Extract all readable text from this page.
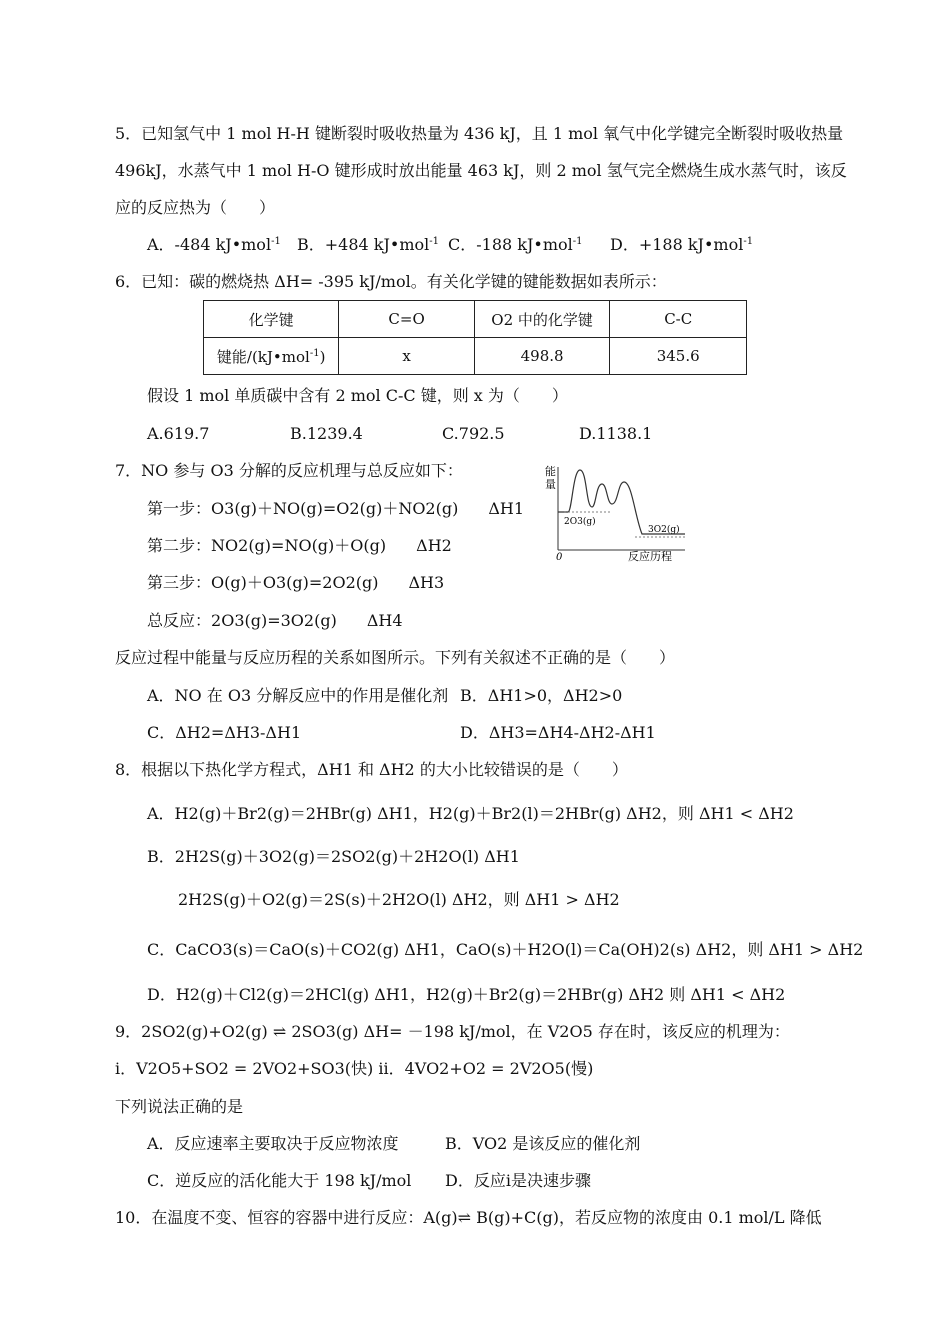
5．已知氢气中 1 mol H-H 键断裂时吸收热量为 436 kJ，且 1 mol 氧气中化学键完全断裂时吸收热量
496kJ，水蒸气中 1 mol H-O 键形成时放出能量 463 kJ，则 2 mol 氢气完全燃烧生成水蒸气时，该反
应的反应热为（　　）
A．-484 kJ•mol$^{-1}$ B．+484 kJ•mol$^{-1}$ C．-188 kJ•mol$^{-1}$ D．+188 kJ•mol$^{-1}$
6．已知：碳的燃烧热 ΔH= -395 kJ/mol。有关化学键的键能数据如表所示：
化学键	C=O	O2 中的化学键	C-C
键能/(kJ•mol$^{-1}$)	x	498.8	345.6
假设 1 mol 单质碳中含有 2 mol C-C 键，则 x 为（　　）
A.619.7	B.1239.4	C.792.5	D.1138.1
7．NO 参与 O3 分解的反应机理与总反应如下：
第一步：O3(g)＋NO(g)=O2(g)＋NO2(g) ΔH1
第二步：NO2(g)=NO(g)＋O(g) ΔH2
第三步：O(g)＋O3(g)=2O2(g) ΔH3
总反应：2O3(g)=3O2(g) ΔH4
能
量
0	反应历程
2O3(g)
3O2(g)
反应过程中能量与反应历程的关系如图所示。下列有关叙述不正确的是（　　）
A．NO 在 O3 分解反应中的作用是催化剂 B．ΔH1>0，ΔH2>0
C．ΔH2=ΔH3-ΔH1	D．ΔH3=ΔH4-ΔH2-ΔH1
8．根据以下热化学方程式，ΔH1 和 ΔH2 的大小比较错误的是（　　）
A．H2(g)＋Br2(g)＝2HBr(g) ΔH1，H2(g)＋Br2(l)＝2HBr(g) ΔH2，则 ΔH1 < ΔH2
B．2H2S(g)＋3O2(g)＝2SO2(g)＋2H2O(l) ΔH1
2H2S(g)＋O2(g)＝2S(s)＋2H2O(l) ΔH2，则 ΔH1 > ΔH2
C．CaCO3(s)＝CaO(s)＋CO2(g) ΔH1，CaO(s)＋H2O(l)＝Ca(OH)2(s) ΔH2，则 ΔH1 > ΔH2
D．H2(g)＋Cl2(g)＝2HCl(g) ΔH1，H2(g)＋Br2(g)＝2HBr(g) ΔH2 则 ΔH1 < ΔH2
9．2SO2(g)+O2(g) ⇌ 2SO3(g) ΔH= －198 kJ/mol，在 V2O5 存在时，该反应的机理为：
i．V2O5+SO2 = 2VO2+SO3(快) ii．4VO2+O2 = 2V2O5(慢)
下列说法正确的是
A．反应速率主要取决于反应物浓度	B．VO2 是该反应的催化剂
C．逆反应的活化能大于 198 kJ/mol D．反应i是决速步骤
10．在温度不变、恒容的容器中进行反应：A(g)⇌ B(g)+C(g)，若反应物的浓度由 0.1 mol/L 降低
